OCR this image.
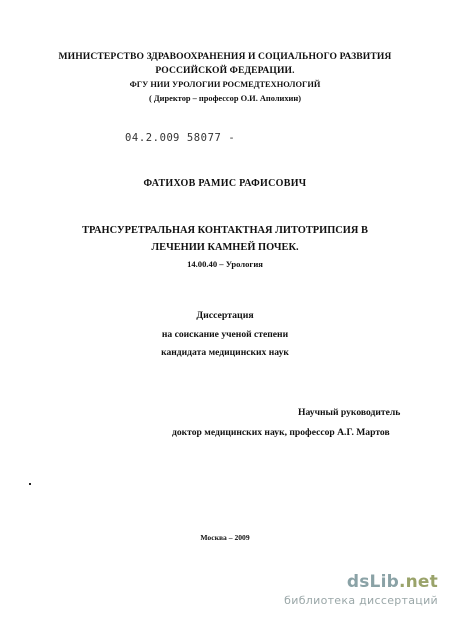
МИНИСТЕРСТВО ЗДРАВООХРАНЕНИЯ И СОЦИАЛЬНОГО РАЗВИТИЯ
РОССИЙСКОЙ ФЕДЕРАЦИИ.
ФГУ НИИ УРОЛОГИИ РОСМЕДТЕХНОЛОГИЙ
( Директор – профессор О.И. Аполихин)
04.2.00 9 58077 -
ФАТИХОВ РАМИС РАФИСОВИЧ
ТРАНСУРЕТРАЛЬНАЯ КОНТАКТНАЯ ЛИТОТРИПСИЯ В
ЛЕЧЕНИИ КАМНЕЙ ПОЧЕК.
14.00.40 – Урология
Диссертация
на соискание ученой степени
кандидата медицинских наук
Научный руководитель
доктор медицинских наук, профессор А.Г. Мартов
Москва – 2009
dsLib.net
библиотека диссертаций
